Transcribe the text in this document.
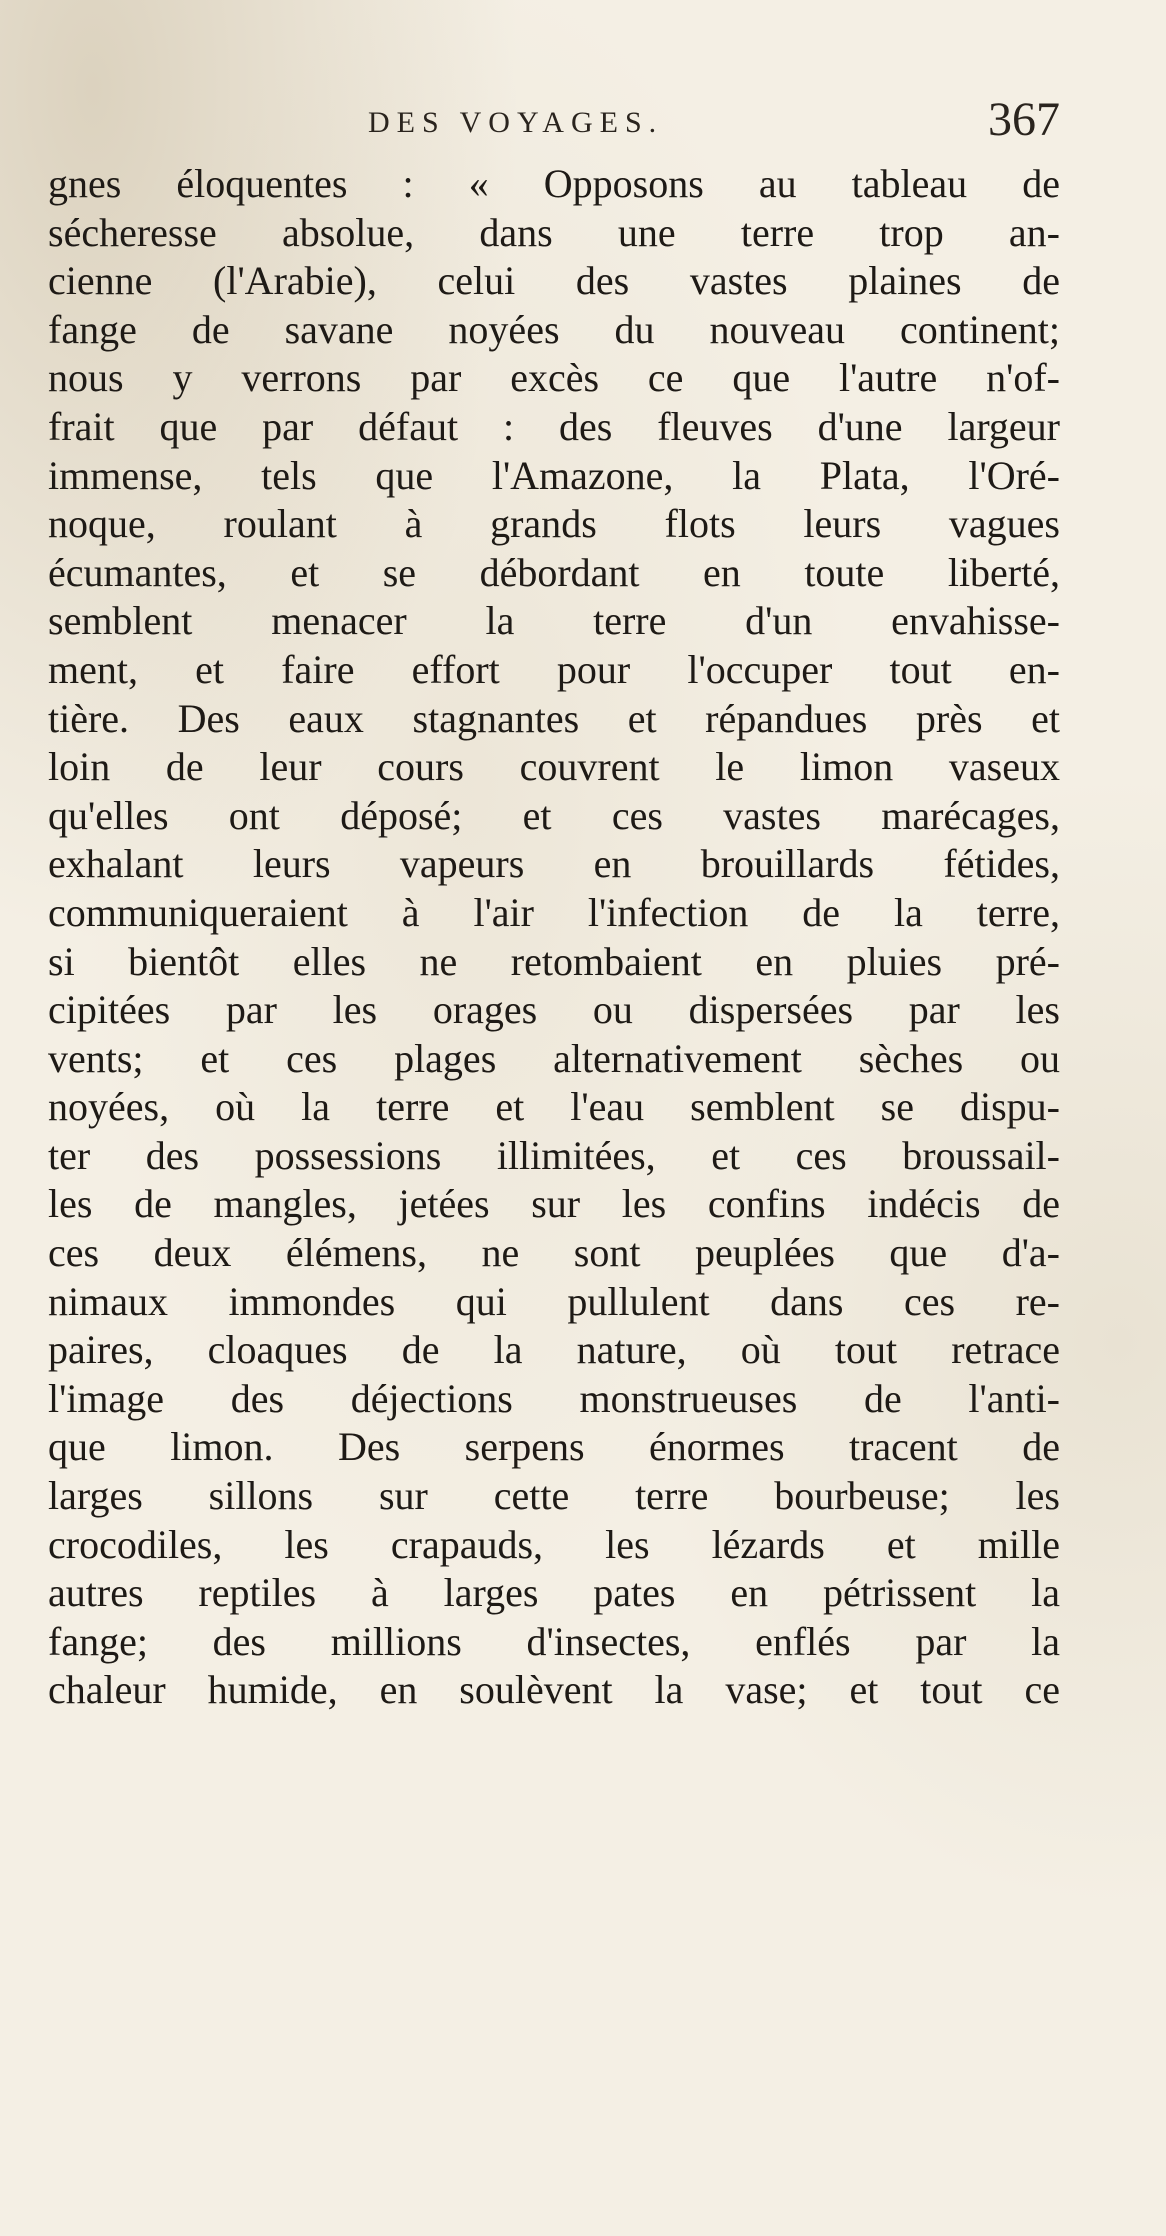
DES VOYAGES.	367
gnes éloquentes : « Opposons au tableau de
sécheresse absolue, dans une terre trop an-
cienne (l'Arabie), celui des vastes plaines de
fange de savane noyées du nouveau continent;
nous y verrons par excès ce que l'autre n'of-
frait que par défaut : des fleuves d'une largeur
immense, tels que l'Amazone, la Plata, l'Oré-
noque, roulant à grands flots leurs vagues
écumantes, et se débordant en toute liberté,
semblent menacer la terre d'un envahisse-
ment, et faire effort pour l'occuper tout en-
tière. Des eaux stagnantes et répandues près et
loin de leur cours couvrent le limon vaseux
qu'elles ont déposé; et ces vastes marécages,
exhalant leurs vapeurs en brouillards fétides,
communiqueraient à l'air l'infection de la terre,
si bientôt elles ne retombaient en pluies pré-
cipitées par les orages ou dispersées par les
vents; et ces plages alternativement sèches ou
noyées, où la terre et l'eau semblent se dispu-
ter des possessions illimitées, et ces broussail-
les de mangles, jetées sur les confins indécis de
ces deux élémens, ne sont peuplées que d'a-
nimaux immondes qui pullulent dans ces re-
paires, cloaques de la nature, où tout retrace
l'image des déjections monstrueuses de l'anti-
que limon. Des serpens énormes tracent de
larges sillons sur cette terre bourbeuse; les
crocodiles, les crapauds, les lézards et mille
autres reptiles à larges pates en pétrissent la
fange; des millions d'insectes, enflés par la
chaleur humide, en soulèvent la vase; et tout ce
